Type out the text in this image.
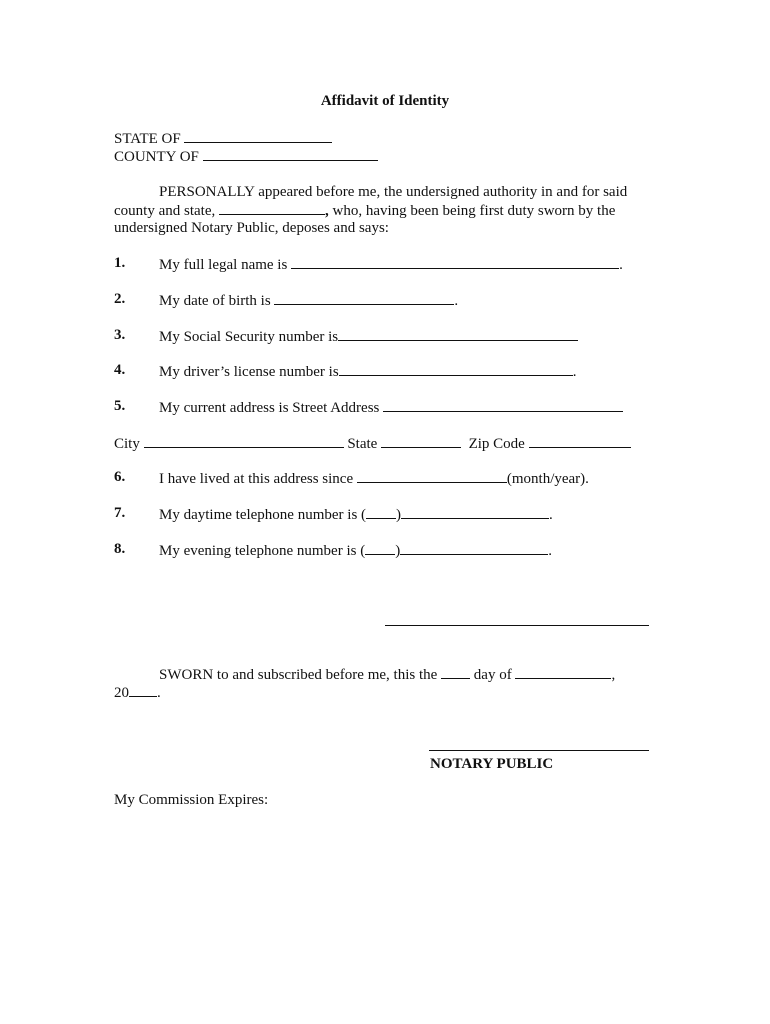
Affidavit of Identity
STATE OF
COUNTY OF
PERSONALLY appeared before me, the undersigned authority in and for said
county and state,	, who, having been being first duty sworn by the
undersigned Notary Public, deposes and says:
1. My full legal name is	.
2. My date of birth is	.
3. My Social Security number is
4. My driver’s license number is	.
5. My current address is Street Address
City	State	Zip Code
6. I have lived at this address since	(month/year).
7. My daytime telephone number is ( )	.
8. My evening telephone number is ( )	.
SWORN to and subscribed before me, this the day of	,
20 .
NOTARY PUBLIC
My Commission Expires:
